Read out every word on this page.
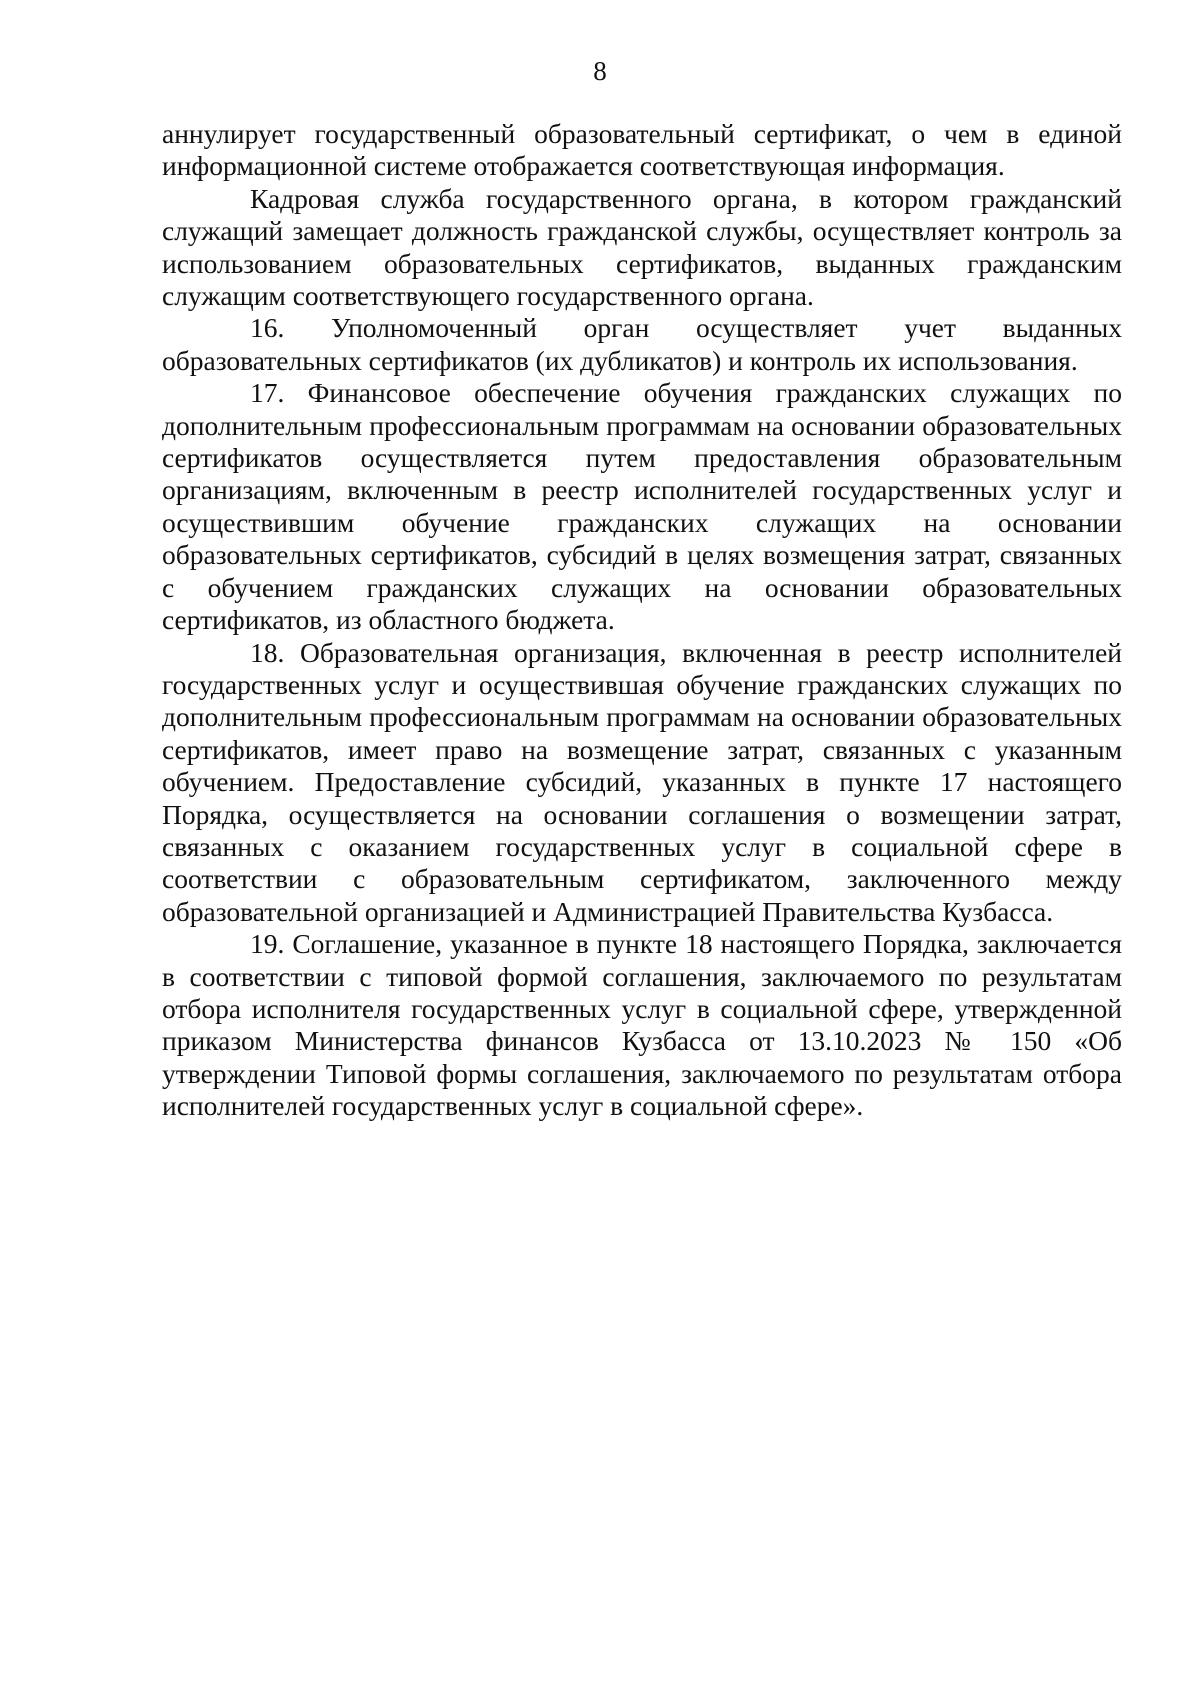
8

аннулирует государственный образовательный сертификат, о чем в единой информационной системе отображается соответствующая информация.

Кадровая служба государственного органа, в котором гражданский служащий замещает должность гражданской службы, осуществляет контроль за использованием образовательных сертификатов, выданных гражданским служащим соответствующего государственного органа.

16. Уполномоченный орган осуществляет учет выданных образовательных сертификатов (их дубликатов) и контроль их использования.

17. Финансовое обеспечение обучения гражданских служащих по дополнительным профессиональным программам на основании образовательных сертификатов осуществляется путем предоставления образовательным организациям, включенным в реестр исполнителей государственных услуг и осуществившим обучение гражданских служащих на основании образовательных сертификатов, субсидий в целях возмещения затрат, связанных с обучением гражданских служащих на основании образовательных сертификатов, из областного бюджета.

18. Образовательная организация, включенная в реестр исполнителей государственных услуг и осуществившая обучение гражданских служащих по дополнительным профессиональным программам на основании образовательных сертификатов, имеет право на возмещение затрат, связанных с указанным обучением. Предоставление субсидий, указанных в пункте 17 настоящего Порядка, осуществляется на основании соглашения о возмещении затрат, связанных с оказанием государственных услуг в социальной сфере в соответствии с образовательным сертификатом, заключенного между образовательной организацией и Администрацией Правительства Кузбасса.

19. Соглашение, указанное в пункте 18 настоящего Порядка, заключается в соответствии с типовой формой соглашения, заключаемого по результатам отбора исполнителя государственных услуг в социальной сфере, утвержденной приказом Министерства финансов Кузбасса от 13.10.2023 № 150 «Об утверждении Типовой формы соглашения, заключаемого по результатам отбора исполнителей государственных услуг в социальной сфере».
